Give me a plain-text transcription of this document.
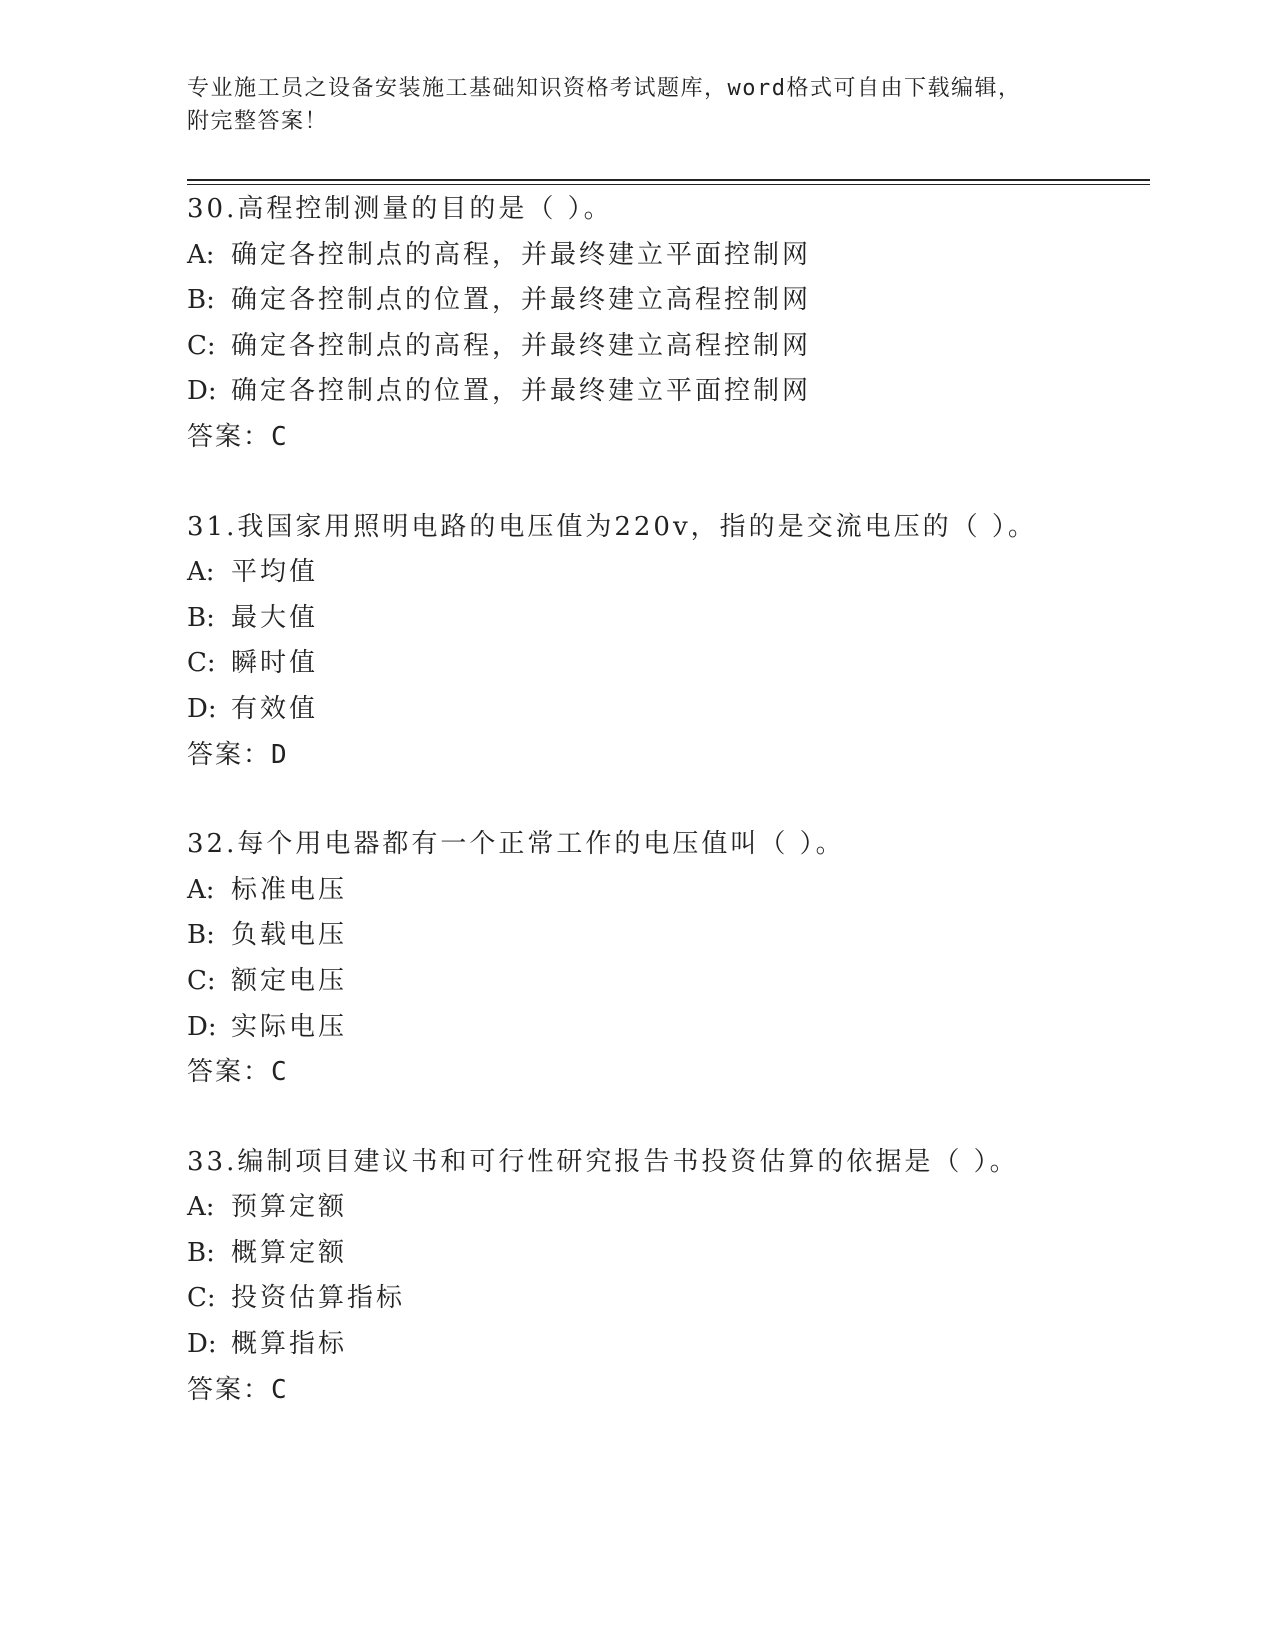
专业施工员之设备安装施工基础知识资格考试题库，word格式可自由下载编辑，
附完整答案！
30.高程控制测量的目的是（ ）。
A: 确定各控制点的高程，并最终建立平面控制网
B: 确定各控制点的位置，并最终建立高程控制网
C: 确定各控制点的高程，并最终建立高程控制网
D: 确定各控制点的位置，并最终建立平面控制网
答案：C
31.我国家用照明电路的电压值为220v，指的是交流电压的（ ）。
A: 平均值
B: 最大值
C: 瞬时值
D: 有效值
答案：D
32.每个用电器都有一个正常工作的电压值叫（ ）。
A: 标准电压
B: 负载电压
C: 额定电压
D: 实际电压
答案：C
33.编制项目建议书和可行性研究报告书投资估算的依据是（ ）。
A: 预算定额
B: 概算定额
C: 投资估算指标
D: 概算指标
答案：C
